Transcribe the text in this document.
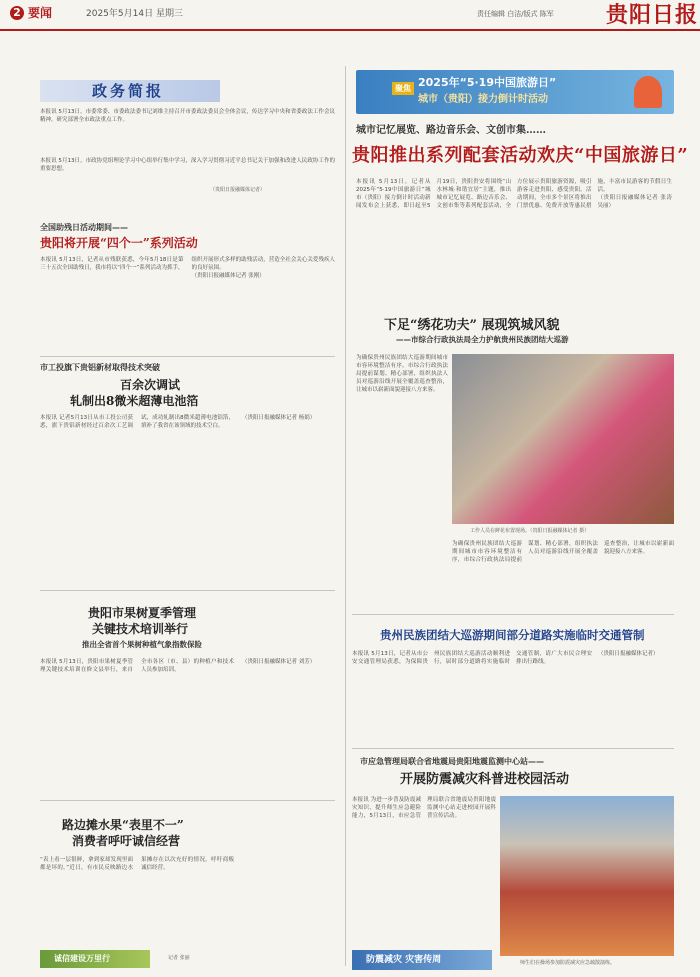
2 要闻	2025年5月14日 星期三	责任编辑 白洁/版式 陈军 贵阳日报
政务简报

本报讯 5月13日，市委常委、市委政法委书记刘维主持召开市委政法委员会全体会议，传达学习中央和省委政法工作会议精神，研究部署全市政法重点工作。

本报讯 5月13日，市政协党组理论学习中心组举行集中学习，深入学习贯彻习近平总书记关于加强和改进人民政协工作的重要思想。

（贵阳日报融媒体记者）
聚焦 2025年“5·19中国旅游日”
城市（贵阳）接力倒计时活动
城市记忆展览、路边音乐会、文创市集……
贵阳推出系列配套活动欢庆“中国旅游日”

本报讯 5月13日，记者从2025年“5·19中国旅游日”城市（贵阳）接力倒计时活动新闻发布会上获悉，即日起至5月19日，贵阳贵安将围绕“山水林城·和谐宜居”主题，推出城市记忆展览、路边音乐会、文创市集等系列配套活动，全方位展示贵阳旅游资源，吸引游客走进贵阳、感受贵阳。活动期间，全市多个景区将推出门票优惠、免费开放等惠民措施，丰富市民游客的节假日生活。

（贵阳日报融媒体记者 张涛 吴丽）

全国助残日活动期间——
贵阳将开展“四个一”系列活动

本报讯 5月13日，记者从市残联获悉，今年5月18日是第三十五次全国助残日，我市将以“四个一”系列活动为抓手，组织开展形式多样的助残活动，营造全社会关心关爱残疾人的良好氛围。

（贵阳日报融媒体记者 张刚）

市工投旗下贵铝新材取得技术突破
百余次调试
轧制出8微米超薄电池箔

本报讯 记者5月13日从市工投公司获悉，旗下贵铝新材经过百余次工艺调试，成功轧制出8微米超薄电池铝箔，填补了我省在该领域的技术空白。

（贵阳日报融媒体记者 杨娟）

下足“绣花功夫” 展现筑城风貌
——市综合行政执法局全力护航贵州民族团结大巡游

为确保贵州民族团结大巡游期间城市市容环境整洁有序，市综合行政执法局提前谋划、精心部署，组织执法人员对巡游沿线开展全覆盖巡查整治，让城市以崭新面貌迎接八方来客。

工作人员在鲜花布置现场。（贵阳日报融媒体记者 摄）

为确保贵州民族团结大巡游期间城市市容环境整洁有序，市综合行政执法局提前谋划、精心部署，组织执法人员对巡游沿线开展全覆盖巡查整治，让城市以崭新面貌迎接八方来客。

贵州民族团结大巡游期间部分道路实施临时交通管制

本报讯 5月13日，记者从市公安交通管理局获悉，为保障贵州民族团结大巡游活动顺利进行，届时部分道路将实施临时交通管制，请广大市民合理安排出行路线。

（贵阳日报融媒体记者）

贵阳市果树夏季管理
关键技术培训举行
推出全省首个果树种植气象指数保险

本报讯 5月13日，贵阳市果树夏季管理关键技术培训在修文县举行，来自全市各区（市、县）的种植户和技术人员参加培训。

（贵阳日报融媒体记者 刘芳）

路边摊水果“表里不一”
消费者呼吁诚信经营

“表上看一层很鲜，拿到家却发现里面都是坏的。”近日，有市民反映路边水果摊存在以次充好的情况，呼吁商贩诚信经营。

诚信建设万里行	记者 张丽
市应急管理局联合省地震局贵阳地震监测中心站——
开展防震减灾科普进校园活动

本报讯 为进一步普及防震减灾知识，提升师生应急避险能力，5月13日，市应急管理局联合省地震局贵阳地震监测中心站走进校园开展科普宣传活动。

师生们在操场参加防震减灾应急疏散演练。
防震减灾 灾害传周
